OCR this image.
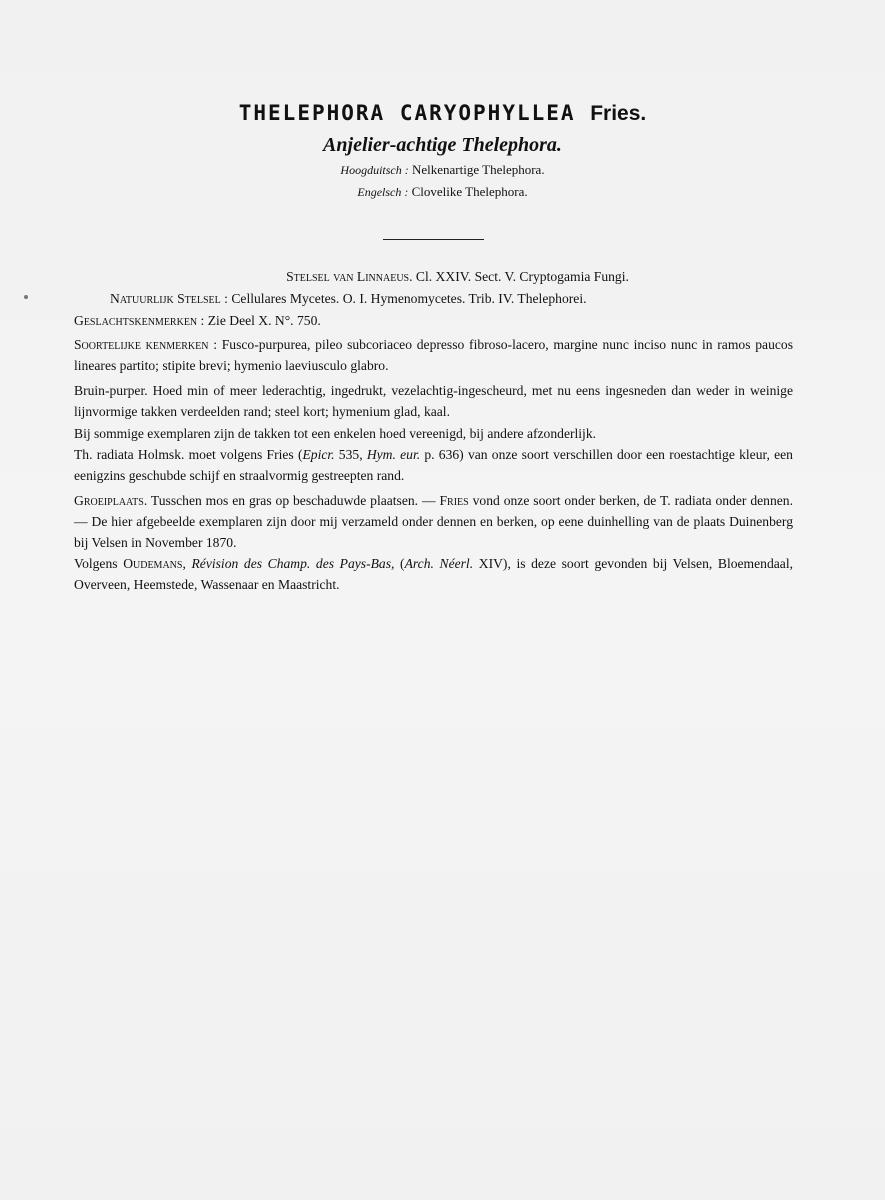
THELEPHORA CARYOPHYLLEA Fries.
Anjelier-achtige Thelephora.
Hoogduitsch : Nelkenartige Thelephora.
Engelsch : Clovelike Thelephora.

Stelsel van Linnaeus. Cl. XXIV. Sect. V. Cryptogamia Fungi.

Natuurlijk Stelsel : Cellulares Mycetes. O. I. Hymenomycetes. Trib. IV. Thelephorei.

Geslachtskenmerken : Zie Deel X. N°. 750.

Soortelijke kenmerken : Fusco-purpurea, pileo subcoriaceo depresso fibroso-lacero, margine nunc inciso nunc in ramos paucos lineares partito; stipite brevi; hymenio laeviusculo glabro.

Bruin-purper. Hoed min of meer lederachtig, ingedrukt, vezelachtig-ingescheurd, met nu eens ingesneden dan weder in weinige lijnvormige takken verdeelden rand; steel kort; hymenium glad, kaal.

Bij sommige exemplaren zijn de takken tot een enkelen hoed vereenigd, bij andere afzonderlijk.

Th. radiata Holmsk. moet volgens Fries (Epicr. 535, Hym. eur. p. 636) van onze soort verschillen door een roestachtige kleur, een eenigzins geschubde schijf en straalvormig gestreepten rand.

Groeiplaats. Tusschen mos en gras op beschaduwde plaatsen. — Fries vond onze soort onder berken, de T. radiata onder dennen. — De hier afgebeelde exemplaren zijn door mij verzameld onder dennen en berken, op eene duinhelling van de plaats Duinenberg bij Velsen in November 1870.

Volgens Oudemans, Révision des Champ. des Pays-Bas, (Arch. Néerl. XIV), is deze soort gevonden bij Velsen, Bloemendaal, Overveen, Heemstede, Wassenaar en Maastricht.
